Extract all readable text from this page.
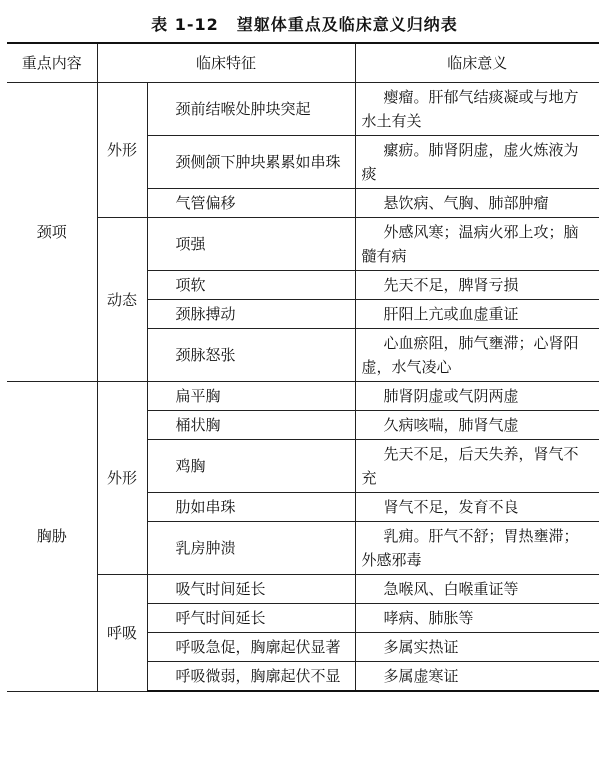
表 1-12 望躯体重点及临床意义归纳表
重点内容	临床特征		临床意义
颈项	外形	颈前结喉处肿块突起	瘿瘤。肝郁气结痰凝或与地方水土有关
		颈侧颌下肿块累累如串珠	瘰疬。肺肾阴虚，虚火炼液为痰
		气管偏移	悬饮病、气胸、肺部肿瘤
	动态	项强	外感风寒；温病火邪上攻；脑髓有病
		项软	先天不足，脾肾亏损
		颈脉搏动	肝阳上亢或血虚重证
		颈脉怒张	心血瘀阻，肺气壅滞；心肾阳虚，水气凌心
胸胁	外形	扁平胸	肺肾阴虚或气阴两虚
		桶状胸	久病咳喘，肺肾气虚
		鸡胸	先天不足，后天失养，肾气不充
		肋如串珠	肾气不足，发育不良
		乳房肿溃	乳痈。肝气不舒；胃热壅滞；外感邪毒
	呼吸	吸气时间延长	急喉风、白喉重证等
		呼气时间延长	哮病、肺胀等
		呼吸急促，胸廓起伏显著	多属实热证
		呼吸微弱，胸廓起伏不显	多属虚寒证
